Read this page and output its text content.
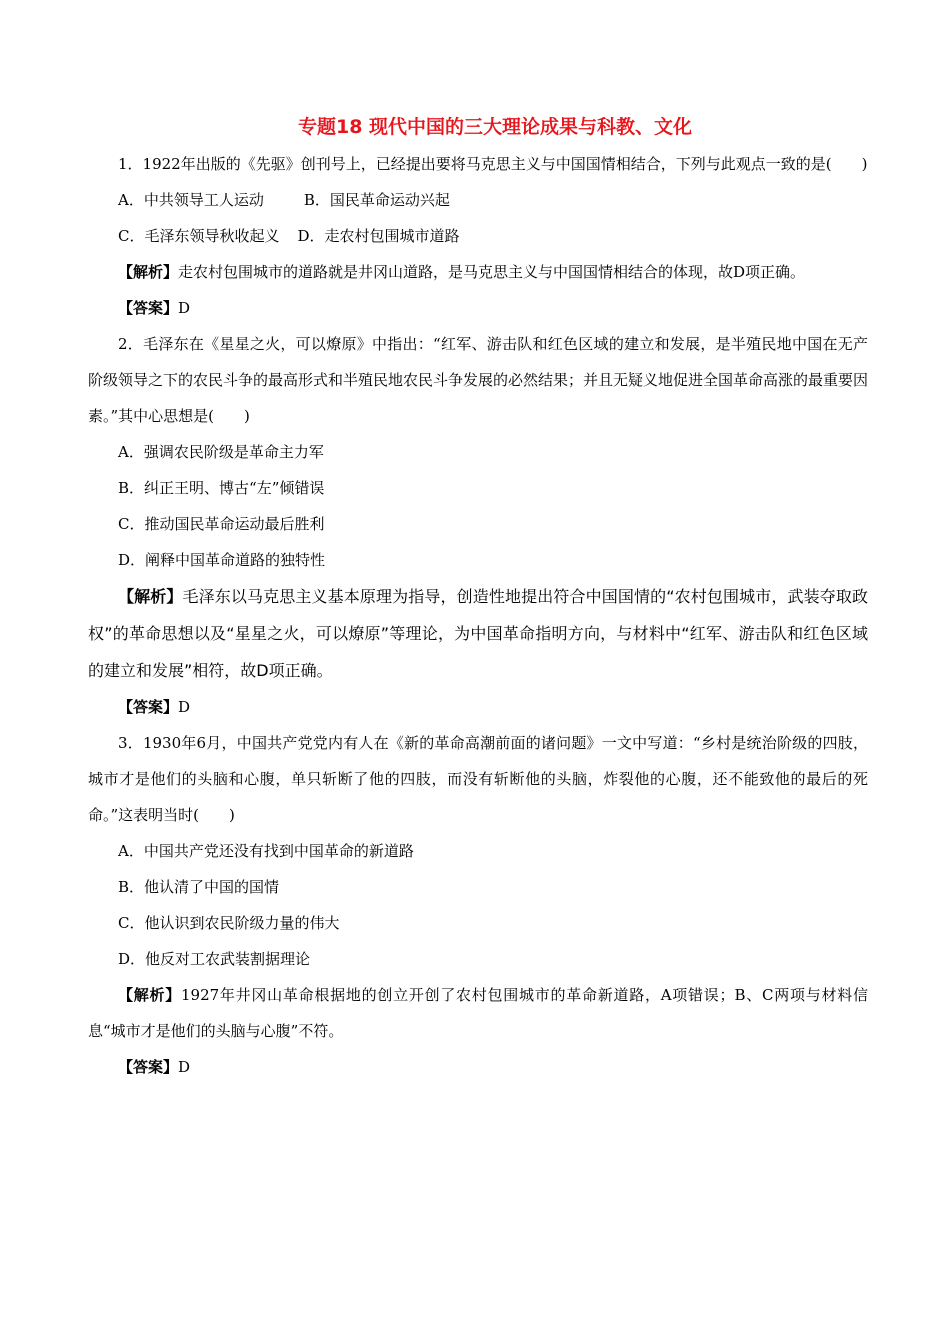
专题18 现代中国的三大理论成果与科教、文化

1．1922年出版的《先驱》创刊号上，已经提出要将马克思主义与中国国情相结合，下列与此观点一致的是(　　)

A．中共领导工人运动	B．国民革命运动兴起

C．毛泽东领导秋收起义 D．走农村包围城市道路

【解析】走农村包围城市的道路就是井冈山道路，是马克思主义与中国国情相结合的体现，故D项正确。

【答案】D

2．毛泽东在《星星之火，可以燎原》中指出：“红军、游击队和红色区域的建立和发展，是半殖民地中国在无产阶级领导之下的农民斗争的最高形式和半殖民地农民斗争发展的必然结果；并且无疑义地促进全国革命高涨的最重要因素。”其中心思想是(　　)

A．强调农民阶级是革命主力军

B．纠正王明、博古“左”倾错误

C．推动国民革命运动最后胜利

D．阐释中国革命道路的独特性

【解析】毛泽东以马克思主义基本原理为指导，创造性地提出符合中国国情的“农村包围城市，武装夺取政权”的革命思想以及“星星之火，可以燎原”等理论，为中国革命指明方向，与材料中“红军、游击队和红色区域的建立和发展”相符，故D项正确。

【答案】D

3．1930年6月，中国共产党党内有人在《新的革命高潮前面的诸问题》一文中写道：“乡村是统治阶级的四肢，城市才是他们的头脑和心腹，单只斩断了他的四肢，而没有斩断他的头脑，炸裂他的心腹，还不能致他的最后的死命。”这表明当时(　　)

A．中国共产党还没有找到中国革命的新道路

B．他认清了中国的国情

C．他认识到农民阶级力量的伟大

D．他反对工农武装割据理论

【解析】1927年井冈山革命根据地的创立开创了农村包围城市的革命新道路，A项错误；B、C两项与材料信息“城市才是他们的头脑与心腹”不符。

【答案】D
